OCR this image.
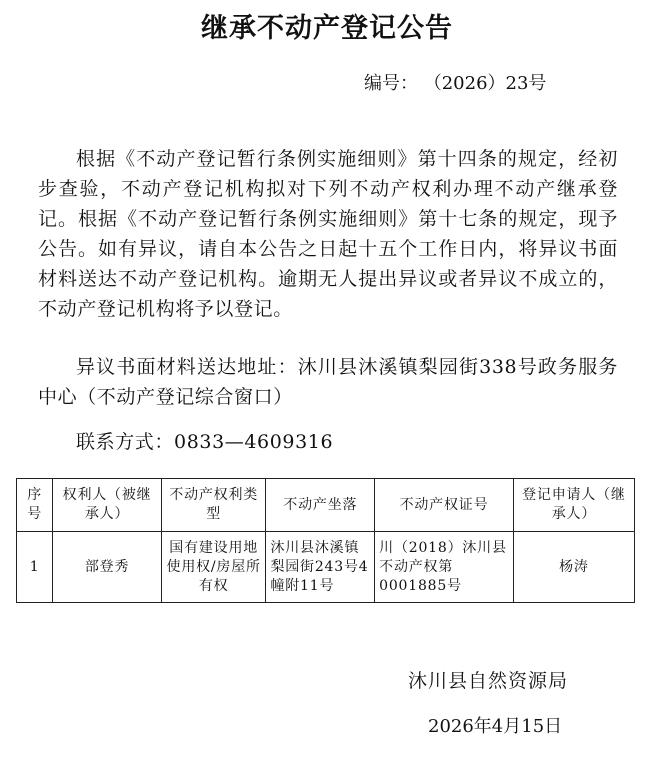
继承不动产登记公告
编号： （2026）23号

根据《不动产登记暂行条例实施细则》第十四条的规定，经初步查验，不动产登记机构拟对下列不动产权利办理不动产继承登记。根据《不动产登记暂行条例实施细则》第十七条的规定，现予公告。如有异议，请自本公告之日起十五个工作日内，将异议书面材料送达不动产登记机构。逾期无人提出异议或者异议不成立的，不动产登记机构将予以登记。

异议书面材料送达地址：沐川县沐溪镇梨园街338号政务服务中心（不动产登记综合窗口）

联系方式：0833—4609316

序号	权利人（被继承人）	不动产权利类型	不动产坐落	不动产权证号	登记申请人（继承人）
1	部登秀	国有建设用地使用权/房屋所有权	沐川县沐溪镇梨园街243号4幢附11号	川（2018）沐川县不动产权第0001885号	杨涛
沐川县自然资源局
2026年4月15日
